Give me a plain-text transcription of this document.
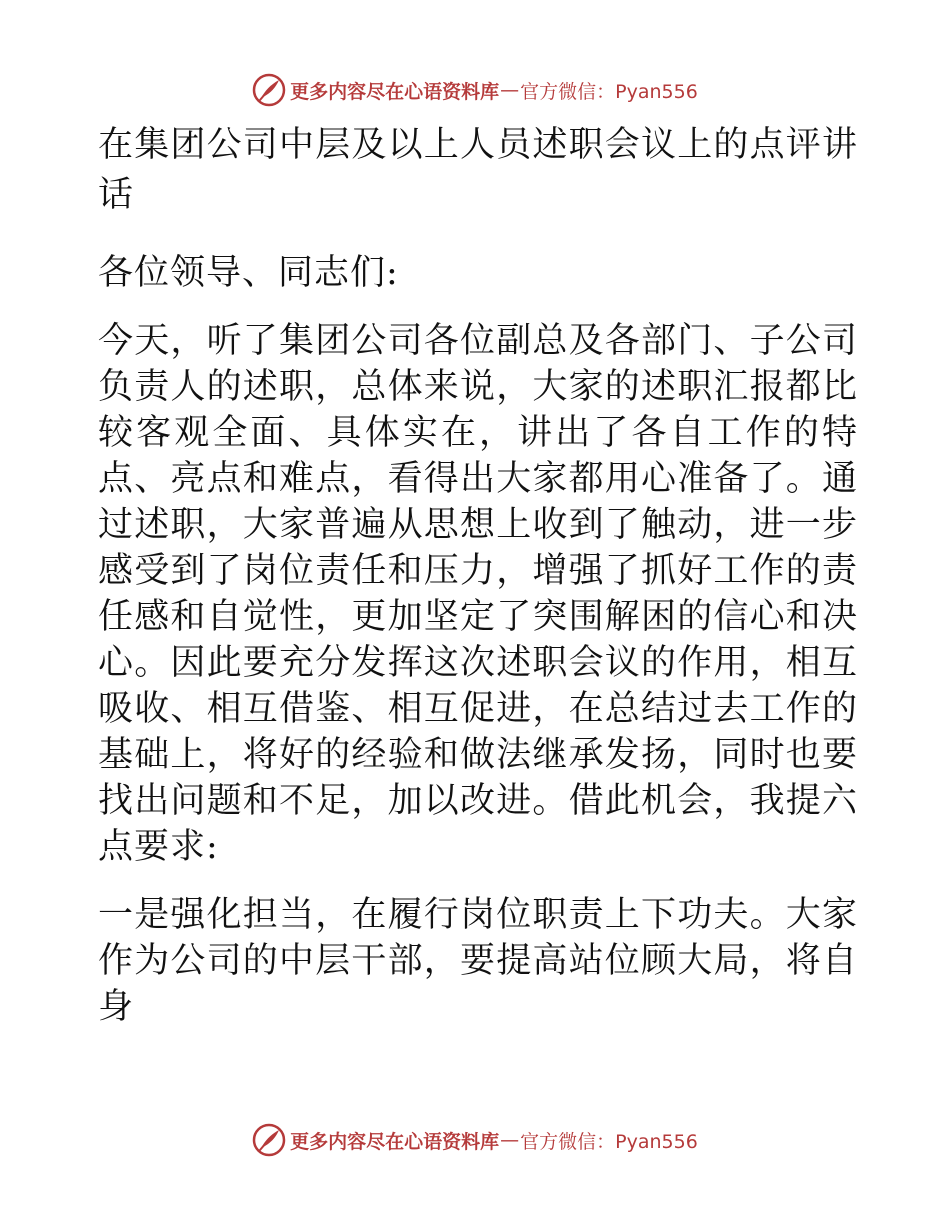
更多内容尽在心语资料库 — 官方微信：Pyan556

在集团公司中层及以上人员述职会议上的点评讲话

各位领导、同志们:

今天，听了集团公司各位副总及各部门、子公司负责人的述职，总体来说，大家的述职汇报都比较客观全面、具体实在，讲出了各自工作的特点、亮点和难点，看得出大家都用心准备了。通过述职，大家普遍从思想上收到了触动，进一步感受到了岗位责任和压力，增强了抓好工作的责任感和自觉性，更加坚定了突围解困的信心和决心。因此要充分发挥这次述职会议的作用，相互吸收、相互借鉴、相互促进，在总结过去工作的基础上，将好的经验和做法继承发扬，同时也要找出问题和不足，加以改进。借此机会，我提六点要求:

一是强化担当，在履行岗位职责上下功夫。大家作为公司的中层干部，要提高站位顾大局，将自身

更多内容尽在心语资料库 — 官方微信：Pyan556
